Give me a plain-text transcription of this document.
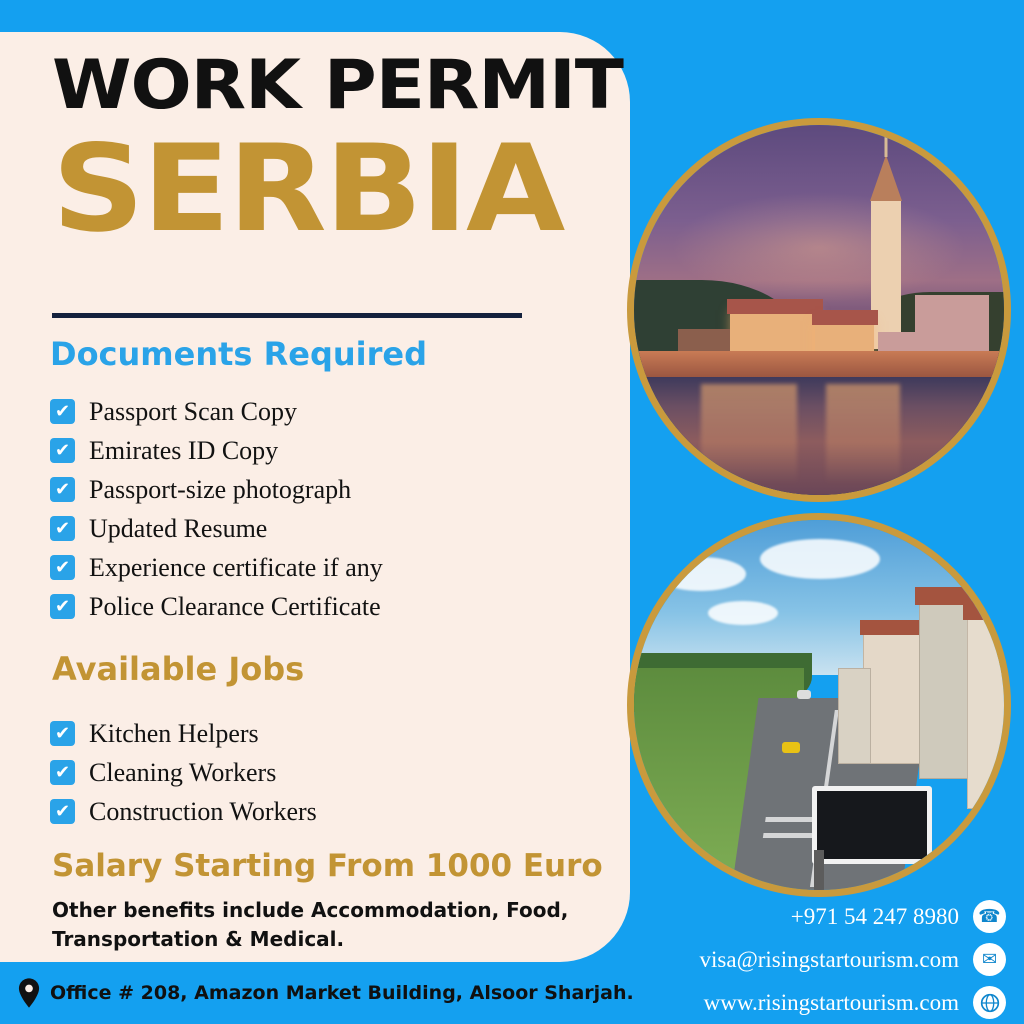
WORK PERMIT
SERBIA
Documents Required
✔ Passport Scan Copy
✔ Emirates ID Copy
✔ Passport-size photograph
✔ Updated Resume
✔ Experience certificate if any
✔ Police Clearance Certificate
Available Jobs
✔ Kitchen Helpers
✔ Cleaning Workers
✔ Construction Workers
Salary Starting From 1000 Euro
Other benefits include Accommodation, Food, Transportation & Medical.
Office # 208, Amazon Market Building, Alsoor Sharjah.
+971 54 247 8980 ☎
visa@risingstartourism.com	✉
www.risingstartourism.com
